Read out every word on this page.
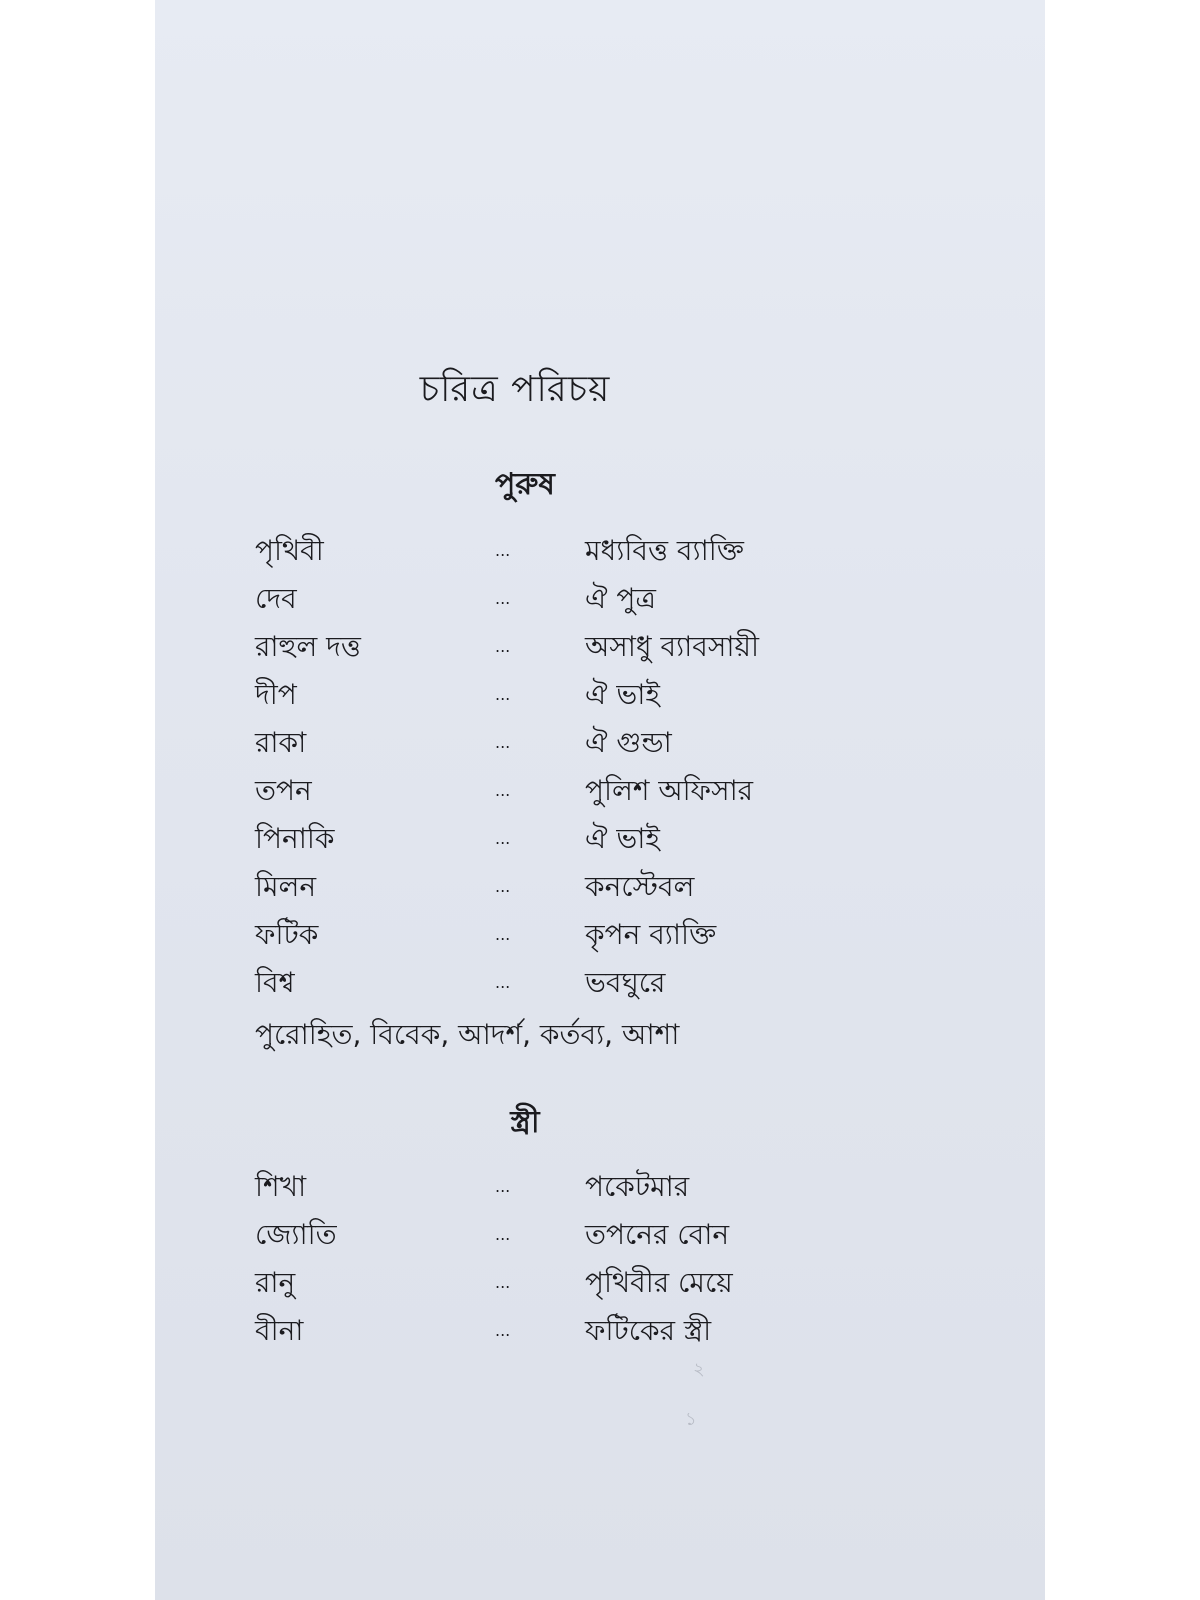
চরিত্র পরিচয়
পুরুষ
পৃথিবী	...	মধ্যবিত্ত ব্যাক্তি
দেব	...	ঐ পুত্র
রাহুল দত্ত	...	অসাধু ব্যাবসায়ী
দীপ	...	ঐ ভাই
রাকা	...	ঐ গুন্ডা
তপন	...	পুলিশ অফিসার
পিনাকি	...	ঐ ভাই
মিলন	...	কনস্টেবল
ফটিক	...	কৃপন ব্যাক্তি
বিশ্ব	...	ভবঘুরে
পুরোহিত, বিবেক, আদর্শ, কর্তব্য, আশা
স্ত্রী
শিখা	...	পকেটমার
জ্যোতি	...	তপনের বোন
রানু	...	পৃথিবীর মেয়ে
বীনা	...	ফটিকের স্ত্রী
২
১
